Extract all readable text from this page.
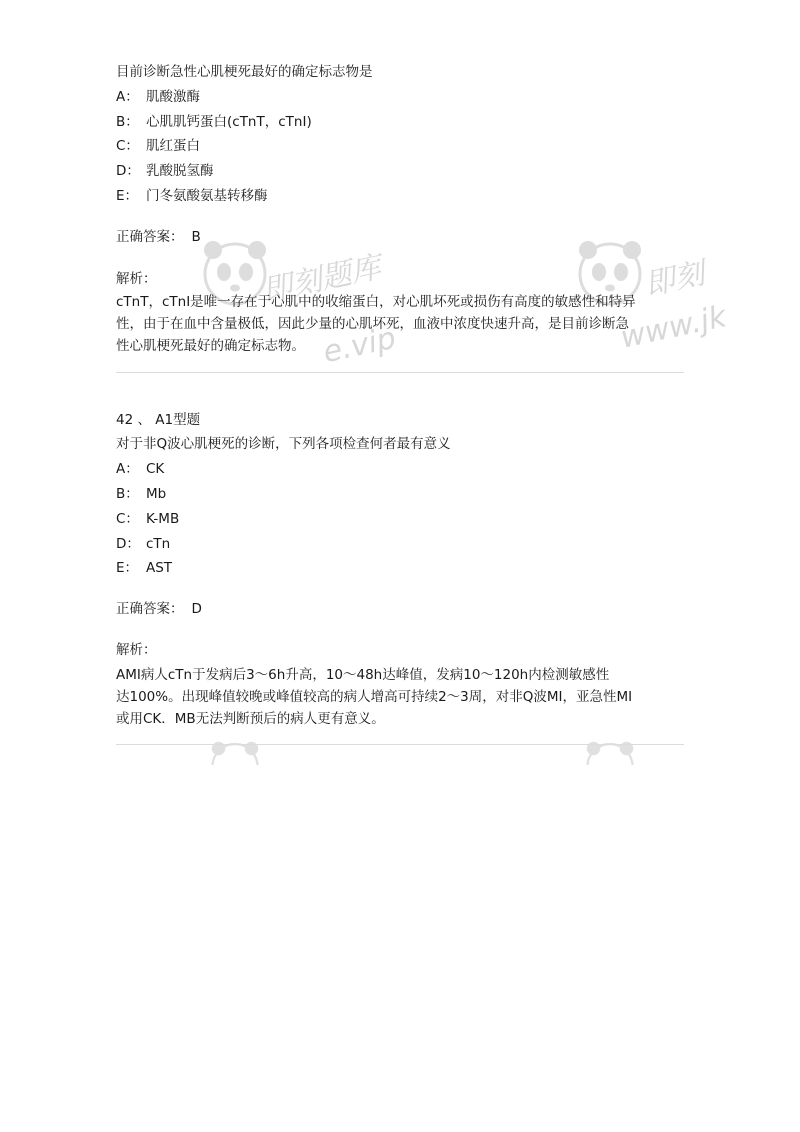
即刻题库
e.vip
即刻
www.jk
目前诊断急性心肌梗死最好的确定标志物是
A： 肌酸激酶
B： 心肌肌钙蛋白(cTnT，cTnI)
C： 肌红蛋白
D： 乳酸脱氢酶
E： 门冬氨酸氨基转移酶
正确答案： B
解析：
cTnT，cTnI是唯一存在于心肌中的收缩蛋白，对心肌坏死或损伤有高度的敏感性和特异
性，由于在血中含量极低，因此少量的心肌坏死，血液中浓度快速升高，是目前诊断急
性心肌梗死最好的确定标志物。
42 、 A1型题
对于非Q波心肌梗死的诊断，下列各项检查何者最有意义
A： CK
B： Mb
C： K-MB
D： cTn
E： AST
正确答案： D
解析：
AMI病人cTn于发病后3～6h升高，10～48h达峰值，发病10～120h内检测敏感性
达100%。出现峰值较晚或峰值较高的病人增高可持续2～3周，对非Q波MI，亚急性MI
或用CK．MB无法判断预后的病人更有意义。
